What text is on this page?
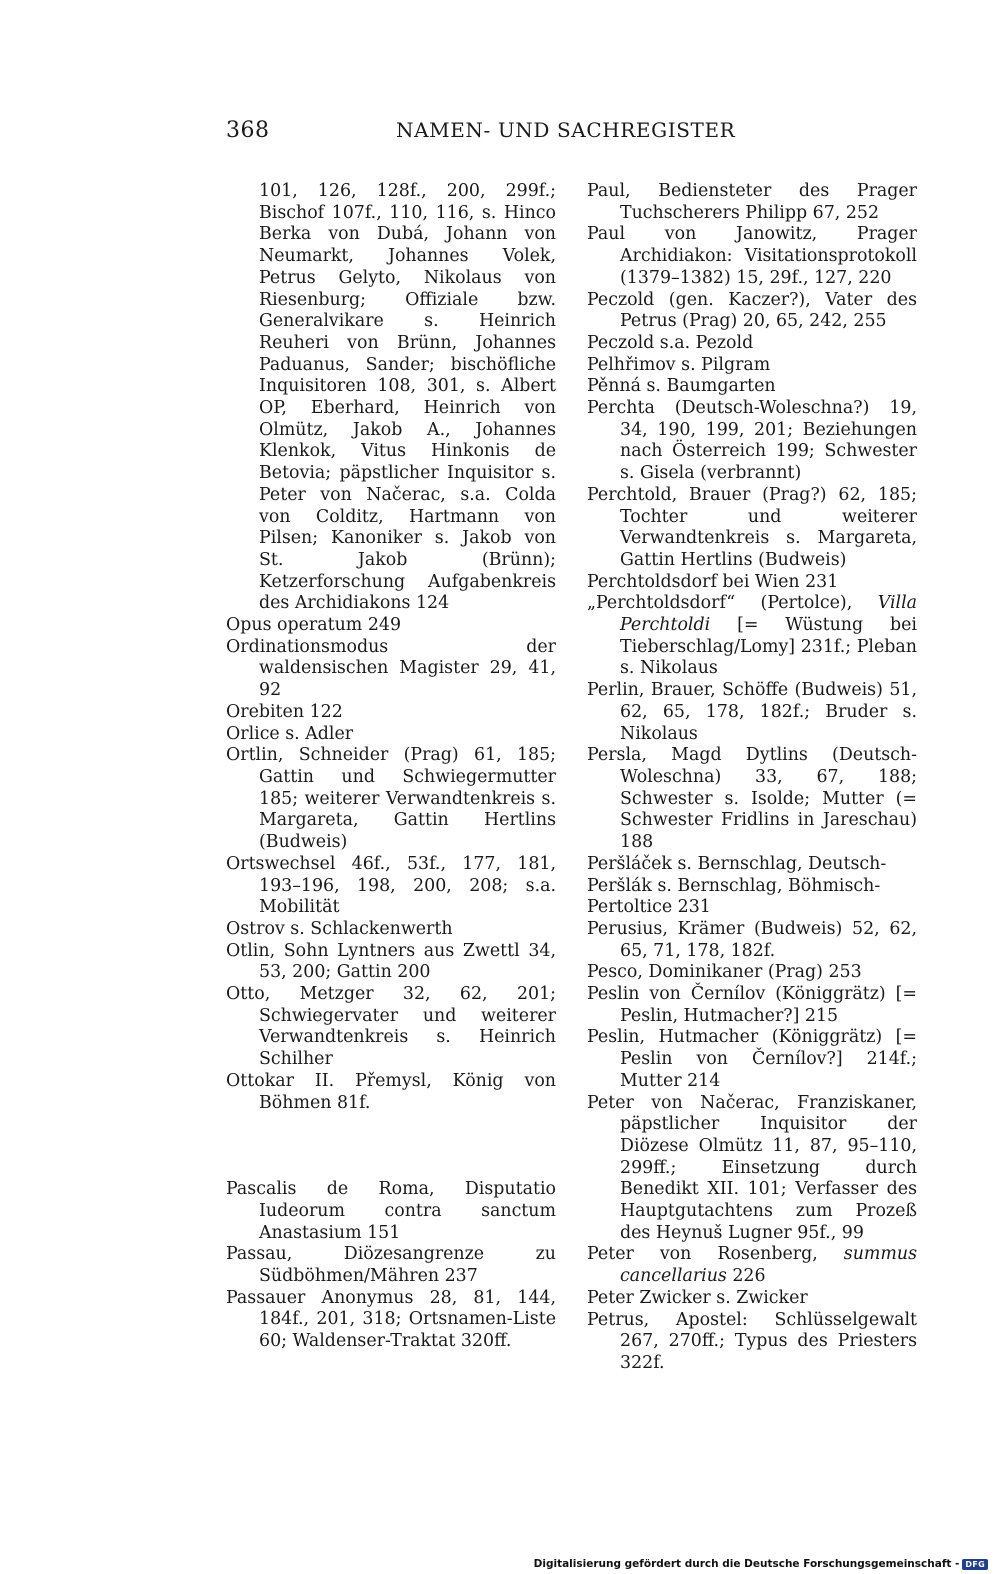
368	NAMEN- UND SACHREGISTER

101, 126, 128f., 200, 299f.; Bischof 107f., 110, 116, s. Hinco Berka von Dubá, Johann von Neumarkt, Johannes Volek, Petrus Gelyto, Nikolaus von Riesenburg; Offiziale bzw. Generalvikare s. Heinrich Reuheri von Brünn, Johannes Paduanus, Sander; bischöfliche Inquisitoren 108, 301, s. Albert OP, Eberhard, Heinrich von Olmütz, Jakob A., Johannes Klenkok, Vitus Hinkonis de Betovia; päpstlicher Inquisitor s. Peter von Načerac, s.a. Colda von Colditz, Hartmann von Pilsen; Kanoniker s. Jakob von St. Jakob (Brünn); Ketzerforschung Aufgabenkreis des Archidiakons 124

Opus operatum 249

Ordinationsmodus der waldensischen Magister 29, 41, 92

Orebiten 122

Orlice s. Adler

Ortlin, Schneider (Prag) 61, 185; Gattin und Schwiegermutter 185; weiterer Verwandtenkreis s. Margareta, Gattin Hertlins (Budweis)

Ortswechsel 46f., 53f., 177, 181, 193–196, 198, 200, 208; s.a. Mobilität

Ostrov s. Schlackenwerth

Otlin, Sohn Lyntners aus Zwettl 34, 53, 200; Gattin 200

Otto, Metzger 32, 62, 201; Schwiegervater und weiterer Verwandtenkreis s. Heinrich Schilher

Ottokar II. Přemysl, König von Böhmen 81f.

Pascalis de Roma, Disputatio Iudeorum contra sanctum Anastasium 151

Passau, Diözesangrenze zu Südböhmen/Mähren 237

Passauer Anonymus 28, 81, 144, 184f., 201, 318; Ortsnamen-Liste 60; Waldenser-Traktat 320ff.

Paul, Bediensteter des Prager Tuchscherers Philipp 67, 252

Paul von Janowitz, Prager Archidiakon: Visitationsprotokoll (1379–1382) 15, 29f., 127, 220

Peczold (gen. Kaczer?), Vater des Petrus (Prag) 20, 65, 242, 255

Peczold s.a. Pezold

Pelhřimov s. Pilgram

Pěnná s. Baumgarten

Perchta (Deutsch-Woleschna?) 19, 34, 190, 199, 201; Beziehungen nach Österreich 199; Schwester s. Gisela (verbrannt)

Perchtold, Brauer (Prag?) 62, 185; Tochter und weiterer Verwandtenkreis s. Margareta, Gattin Hertlins (Budweis)

Perchtoldsdorf bei Wien 231

„Perchtoldsdorf“ (Pertolce), Villa Perchtoldi [= Wüstung bei Tieberschlag/Lomy] 231f.; Pleban s. Nikolaus

Perlin, Brauer, Schöffe (Budweis) 51, 62, 65, 178, 182f.; Bruder s. Nikolaus

Persla, Magd Dytlins (Deutsch-Woleschna) 33, 67, 188; Schwester s. Isolde; Mutter (= Schwester Fridlins in Jareschau) 188

Peršláček s. Bernschlag, Deutsch-

Peršlák s. Bernschlag, Böhmisch-

Pertoltice 231

Perusius, Krämer (Budweis) 52, 62, 65, 71, 178, 182f.

Pesco, Dominikaner (Prag) 253

Peslin von Černílov (Königgrätz) [= Peslin, Hutmacher?] 215

Peslin, Hutmacher (Königgrätz) [= Peslin von Černílov?] 214f.; Mutter 214

Peter von Načerac, Franziskaner, päpstlicher Inquisitor der Diözese Olmütz 11, 87, 95–110, 299ff.; Einsetzung durch Benedikt XII. 101; Verfasser des Hauptgutachtens zum Prozeß des Heynuš Lugner 95f., 99

Peter von Rosenberg, summus cancellarius 226

Peter Zwicker s. Zwicker

Petrus, Apostel: Schlüsselgewalt 267, 270ff.; Typus des Priesters 322f.

Digitalisierung gefördert durch die Deutsche Forschungsgemeinschaft - DFG
